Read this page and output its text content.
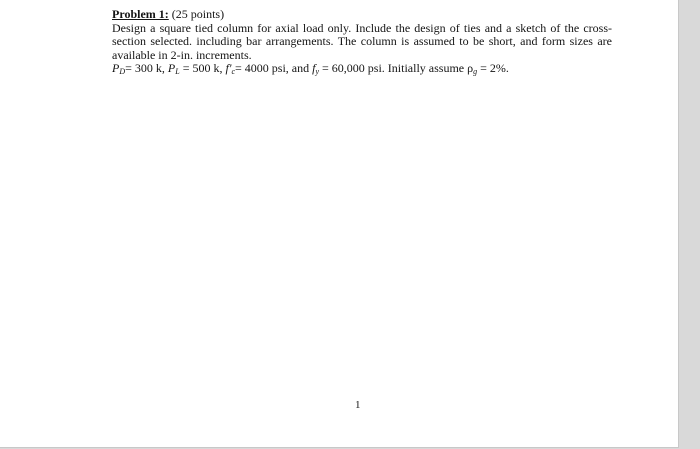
Problem 1: (25 points)

Design a square tied column for axial load only. Include the design of ties and a sketch of the cross-section selected. including bar arrangements. The column is assumed to be short, and form sizes are available in 2-in. increments.

$P_D= 300$ k, $P_L = 500$ k, $f'_c= 4000$ psi, and $f_y = 60,000$ psi. Initially assume $\rho_g = 2\%$.

1
